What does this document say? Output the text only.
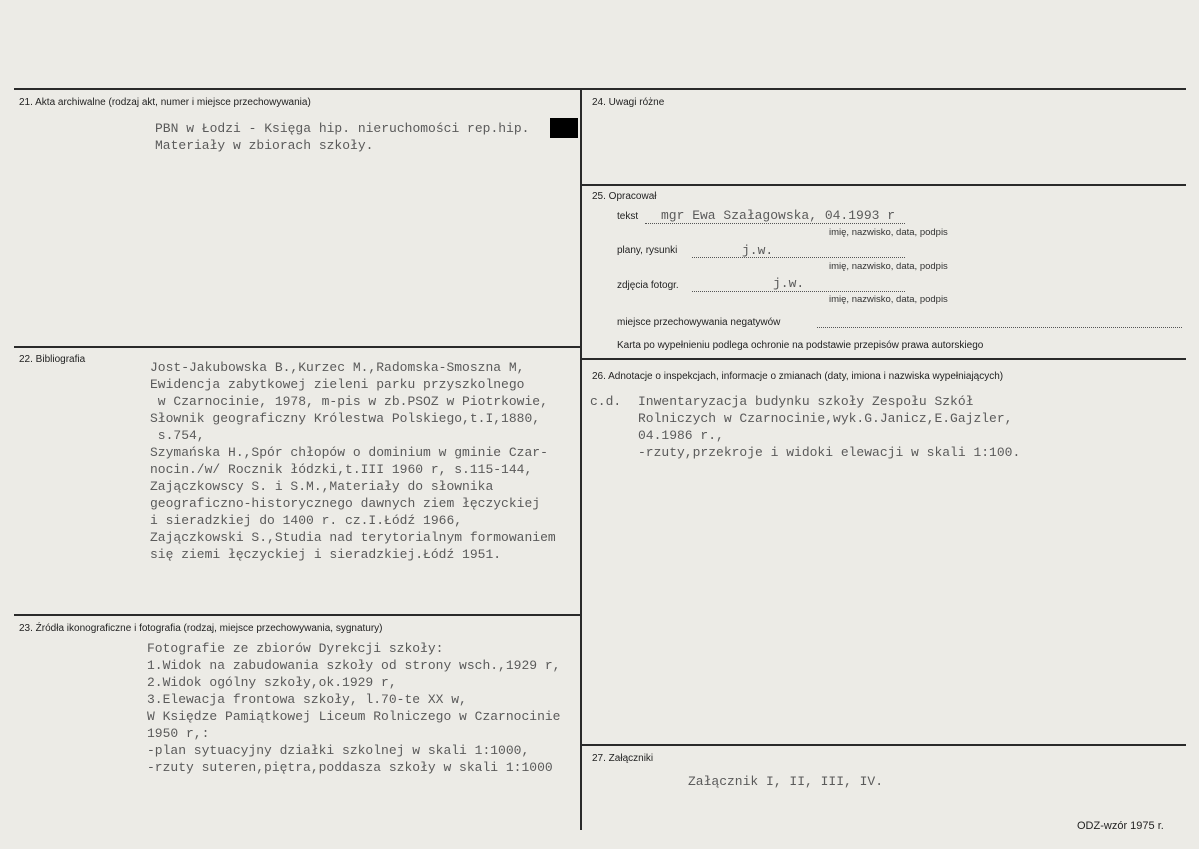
21. Akta archiwalne (rodzaj akt, numer i miejsce przechowywania)
PBN w Łodzi - Księga hip. nieruchomości rep.hip.
Materiały w zbiorach szkoły.
22. Bibliografia
Jost-Jakubowska B.,Kurzec M.,Radomska-Smoszna M,
Ewidencja zabytkowej zieleni parku przyszkolnego
w Czarnocinie, 1978, m-pis w zb.PSOZ w Piotrkowie,
Słownik geograficzny Królestwa Polskiego,t.I,1880,
s.754,
Szymańska H.,Spór chłopów o dominium w gminie Czar-
nocin./w/ Rocznik łódzki,t.III 1960 r, s.115-144,
Zajączkowscy S. i S.M.,Materiały do słownika
geograficzno-historycznego dawnych ziem łęczyckiej
i sieradzkiej do 1400 r. cz.I.Łódź 1966,
Zajączkowski S.,Studia nad terytorialnym formowaniem
się ziemi łęczyckiej i sieradzkiej.Łódź 1951.
23. Źródła ikonograficzne i fotografia (rodzaj, miejsce przechowywania, sygnatury)
Fotografie ze zbiorów Dyrekcji szkoły:
1.Widok na zabudowania szkoły od strony wsch.,1929 r,
2.Widok ogólny szkoły,ok.1929 r,
3.Elewacja frontowa szkoły, l.70-te XX w,
W Księdze Pamiątkowej Liceum Rolniczego w Czarnocinie
1950 r,:
-plan sytuacyjny działki szkolnej w skali 1:1000,
-rzuty suteren,piętra,poddasza szkoły w skali 1:1000
24. Uwagi różne
25. Opracował
tekst mgr Ewa Szałagowska, 04.1993 r
imię, nazwisko, data, podpis
plany, rysunki	j.w.
imię, nazwisko, data, podpis
zdjęcia fotogr.	j.w.
imię, nazwisko, data, podpis
miejsce przechowywania negatywów
Karta po wypełnieniu podlega ochronie na podstawie przepisów prawa autorskiego
26. Adnotacje o inspekcjach, informacje o zmianach (daty, imiona i nazwiska wypełniających)
c.d. Inwentaryzacja budynku szkoły Zespołu Szkół
Rolniczych w Czarnocinie,wyk.G.Janicz,E.Gajzler,
04.1986 r.,
-rzuty,przekroje i widoki elewacji w skali 1:100.
27. Załączniki
Załącznik I, II, III, IV.
ODZ-wzór 1975 r.
